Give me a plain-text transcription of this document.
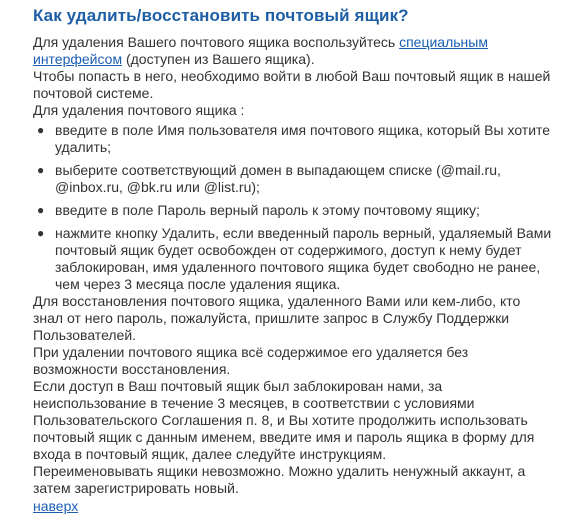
Как удалить/восстановить почтовый ящик?

Для удаления Вашего почтового ящика воспользуйтесь специальным интерфейсом (доступен из Вашего ящика).

Чтобы попасть в него, необходимо войти в любой Ваш почтовый ящик в нашей почтовой системе.

Для удаления почтового ящика :

● введите в поле Имя пользователя имя почтового ящика, который Вы хотите удалить;
● выберите соответствующий домен в выпадающем списке (@mail.ru, @inbox.ru, @bk.ru или @list.ru);
● введите в поле Пароль верный пароль к этому почтовому ящику;
● нажмите кнопку Удалить, если введенный пароль верный, удаляемый Вами почтовый ящик будет освобожден от содержимого, доступ к нему будет заблокирован, имя удаленного почтового ящика будет свободно не ранее, чем через 3 месяца после удаления ящика.

Для восстановления почтового ящика, удаленного Вами или кем-либо, кто знал от него пароль, пожалуйста, пришлите запрос в Службу Поддержки Пользователей.

При удалении почтового ящика всё содержимое его удаляется без возможности восстановления.

Если доступ в Ваш почтовый ящик был заблокирован нами, за неиспользование в течение 3 месяцев, в соответствии с условиями Пользовательского Соглашения п. 8, и Вы хотите продолжить использовать почтовый ящик с данным именем, введите имя и пароль ящика в форму для входа в почтовый ящик, далее следуйте инструкциям.

Переименовывать ящики невозможно. Можно удалить ненужный аккаунт, а затем зарегистрировать новый.

наверх
